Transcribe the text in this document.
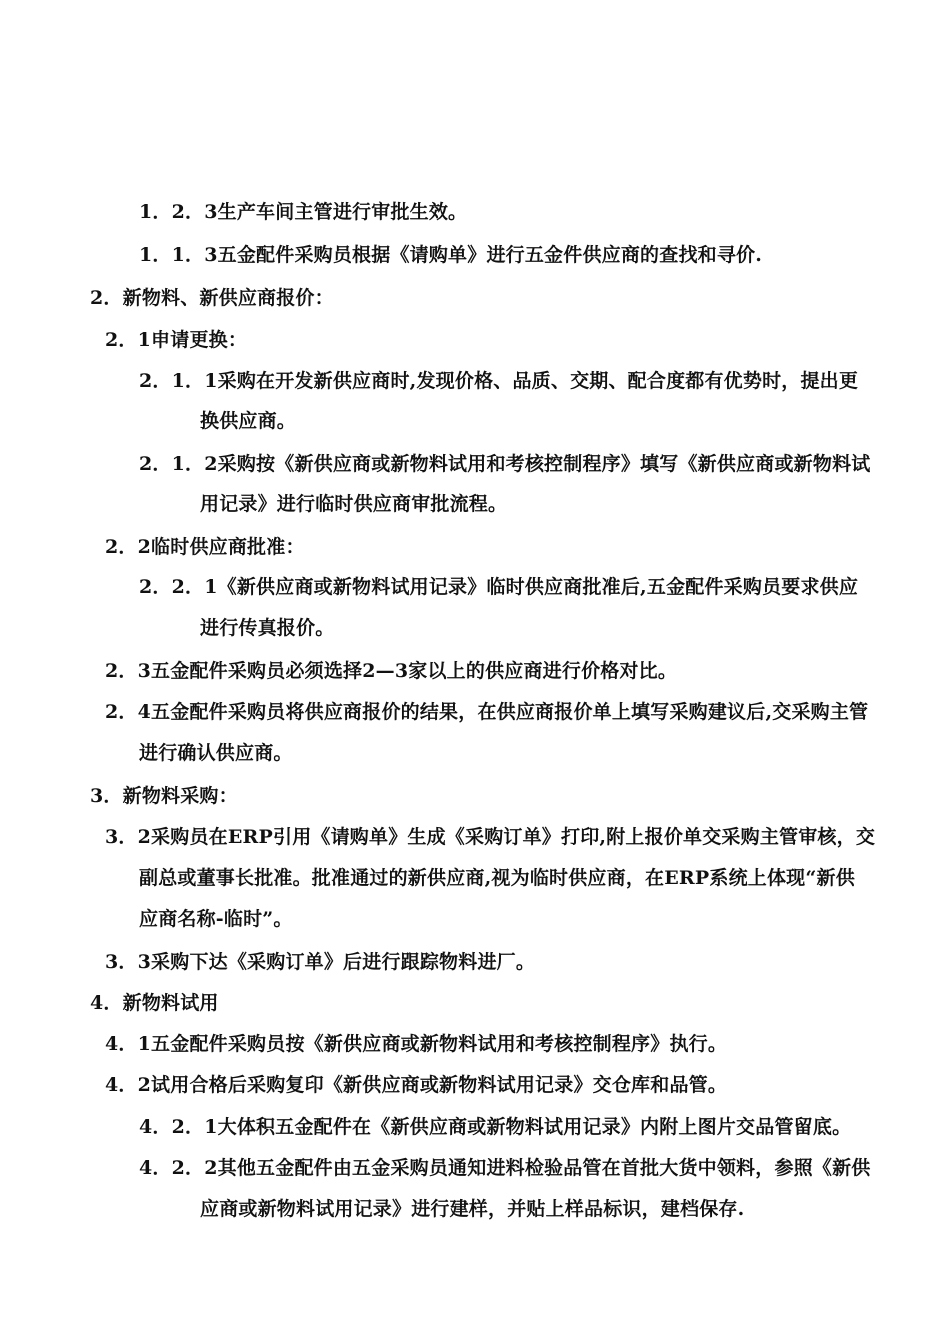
1．2．3生产车间主管进行审批生效。
1．1．3五金配件采购员根据《请购单》进行五金件供应商的查找和寻价.
2．新物料、新供应商报价：
2．1申请更换：
2．1．1采购在开发新供应商时,发现价格、品质、交期、配合度都有优势时，提出更
换供应商。
2．1．2采购按《新供应商或新物料试用和考核控制程序》填写《新供应商或新物料试
用记录》进行临时供应商审批流程。
2．2临时供应商批准：
2．2．1《新供应商或新物料试用记录》临时供应商批准后,五金配件采购员要求供应
进行传真报价。
2．3五金配件采购员必须选择2—3家以上的供应商进行价格对比。
2．4五金配件采购员将供应商报价的结果，在供应商报价单上填写采购建议后,交采购主管
进行确认供应商。
3．新物料采购：
3．2采购员在ERP引用《请购单》生成《采购订单》打印,附上报价单交采购主管审核，交
副总或董事长批准。批准通过的新供应商,视为临时供应商，在ERP系统上体现“新供
应商名称-临时”。
3．3采购下达《采购订单》后进行跟踪物料进厂。
4．新物料试用
4．1五金配件采购员按《新供应商或新物料试用和考核控制程序》执行。
4．2试用合格后采购复印《新供应商或新物料试用记录》交仓库和品管。
4．2．1大体积五金配件在《新供应商或新物料试用记录》内附上图片交品管留底。
4．2．2其他五金配件由五金采购员通知进料检验品管在首批大货中领料，参照《新供
应商或新物料试用记录》进行建样，并贴上样品标识，建档保存.
